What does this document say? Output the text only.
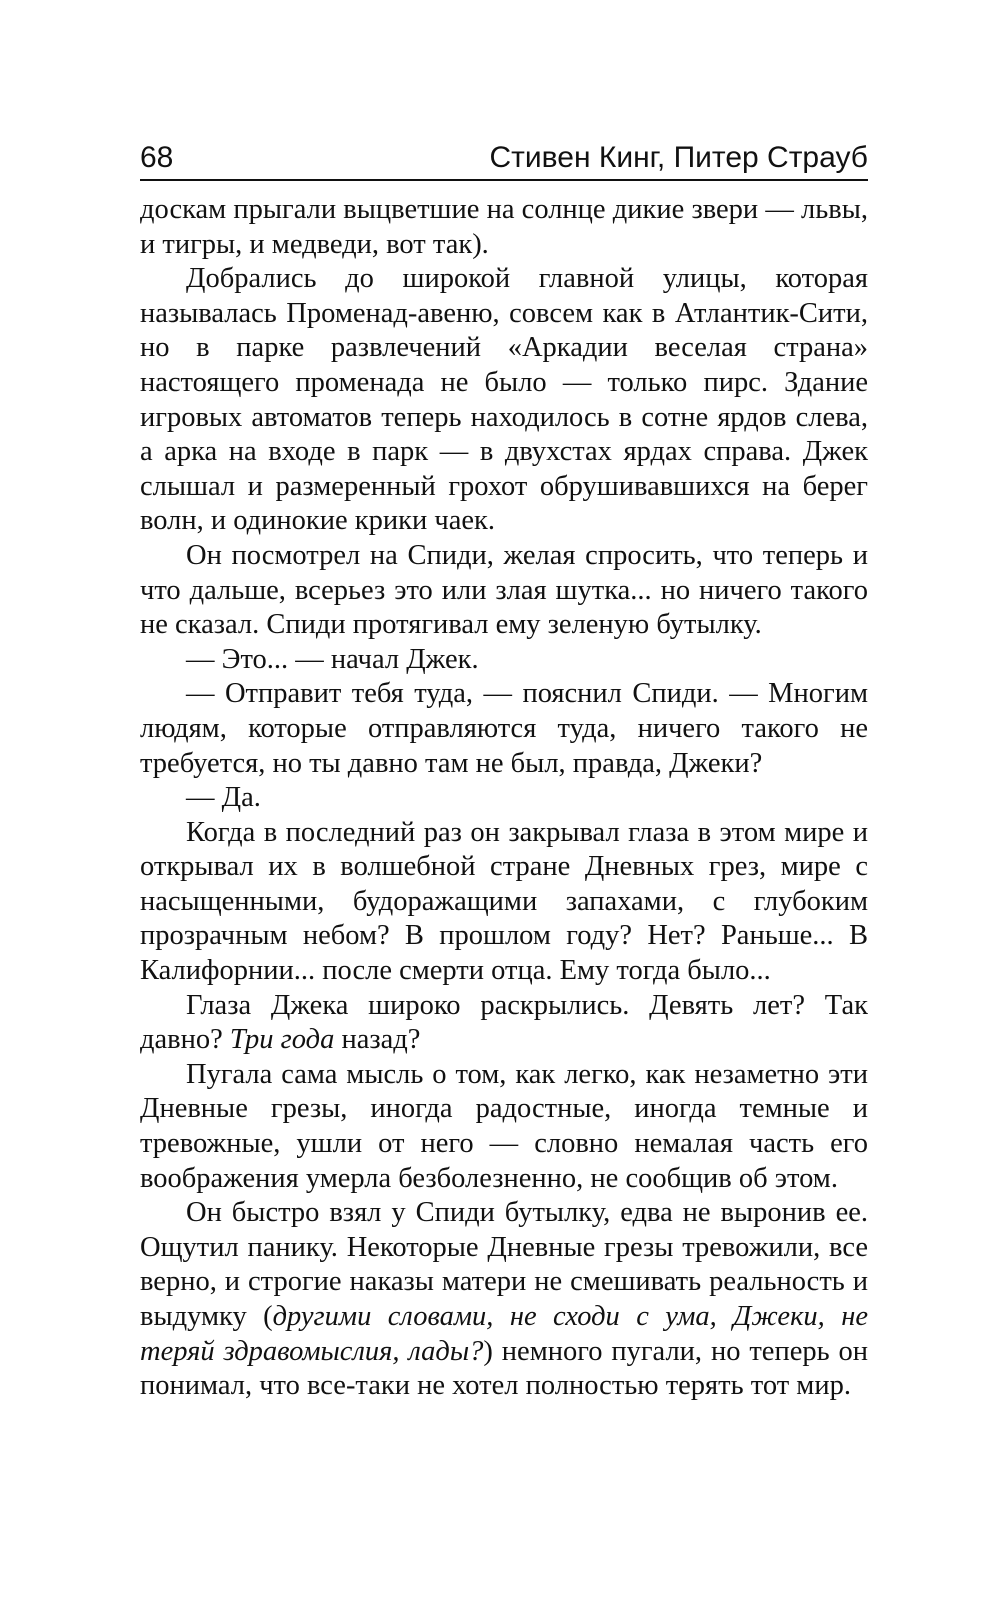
68	Стивен Кинг, Питер Страуб

доскам прыгали выцветшие на солнце дикие звери — львы, и тигры, и медведи, вот так).

Добрались до широкой главной улицы, которая называлась Променад-авеню, совсем как в Атлантик-Сити, но в парке развлечений «Аркадии веселая страна» настоящего променада не было — только пирс. Здание игровых автоматов теперь находилось в сотне ярдов слева, а арка на входе в парк — в двухстах ярдах справа. Джек слышал и размеренный грохот обрушивавшихся на берег волн, и одинокие крики чаек.

Он посмотрел на Спиди, желая спросить, что теперь и что дальше, всерьез это или злая шутка... но ничего такого не сказал. Спиди протягивал ему зеленую бутылку.

— Это... — начал Джек.

— Отправит тебя туда, — пояснил Спиди. — Многим людям, которые отправляются туда, ничего такого не требуется, но ты давно там не был, правда, Джеки?

— Да.

Когда в последний раз он закрывал глаза в этом мире и открывал их в волшебной стране Дневных грез, мире с насыщенными, будоражащими запахами, с глубоким прозрачным небом? В прошлом году? Нет? Раньше... В Калифорнии... после смерти отца. Ему тогда было...

Глаза Джека широко раскрылись. Девять лет? Так давно? Три года назад?

Пугала сама мысль о том, как легко, как незаметно эти Дневные грезы, иногда радостные, иногда темные и тревожные, ушли от него — словно немалая часть его воображения умерла безболезненно, не сообщив об этом.

Он быстро взял у Спиди бутылку, едва не выронив ее. Ощутил панику. Некоторые Дневные грезы тревожили, все верно, и строгие наказы матери не смешивать реальность и выдумку (другими словами, не сходи с ума, Джеки, не теряй здравомыслия, лады?) немного пугали, но теперь он понимал, что все-таки не хотел полностью терять тот мир.
